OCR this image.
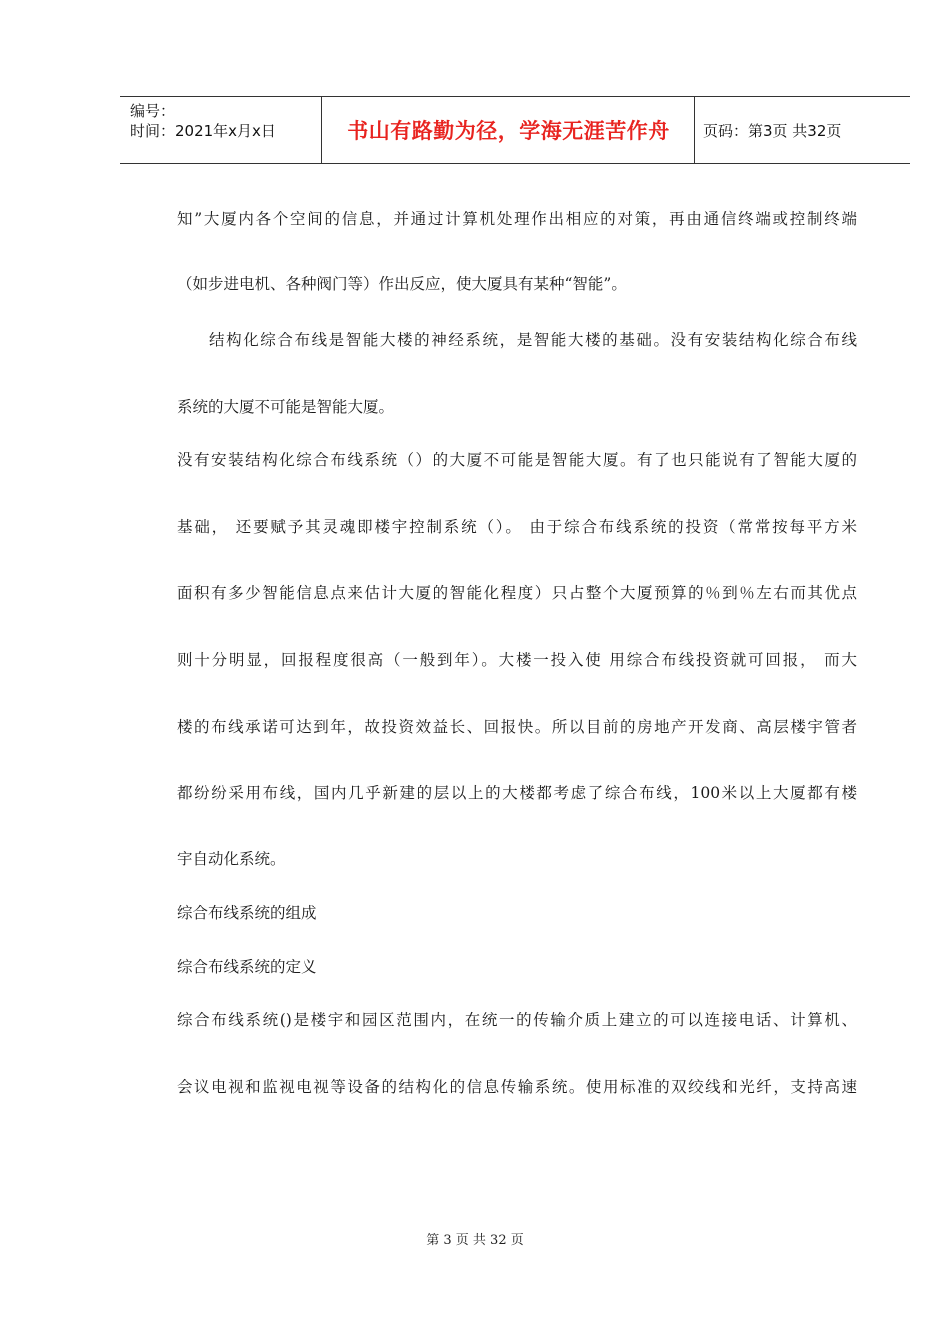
编号：
时间：2021年x月x日	书山有路勤为径，学海无涯苦作舟	页码：第3页 共32页
知”大厦内各个空间的信息，并通过计算机处理作出相应的对策，再由通信终端或控制终端
（如步进电机、各种阀门等）作出反应，使大厦具有某种“智能”。
结构化综合布线是智能大楼的神经系统，是智能大楼的基础。没有安装结构化综合布线
系统的大厦不可能是智能大厦。
没有安装结构化综合布线系统（）的大厦不可能是智能大厦。有了也只能说有了智能大厦的
基础， 还要赋予其灵魂即楼宇控制系统（）。 由于综合布线系统的投资（常常按每平方米
面积有多少智能信息点来估计大厦的智能化程度）只占整个大厦预算的％到％左右而其优点
则十分明显，回报程度很高（一般到年）。大楼一投入使 用综合布线投资就可回报， 而大
楼的布线承诺可达到年，故投资效益长、回报快。所以目前的房地产开发商、高层楼宇管者
都纷纷采用布线，国内几乎新建的层以上的大楼都考虑了综合布线，100米以上大厦都有楼
宇自动化系统。
综合布线系统的组成
综合布线系统的定义
综合布线系统()是楼宇和园区范围内，在统一的传输介质上建立的可以连接电话、计算机、
会议电视和监视电视等设备的结构化的信息传输系统。使用标准的双绞线和光纤，支持高速
第 3 页 共 32 页
